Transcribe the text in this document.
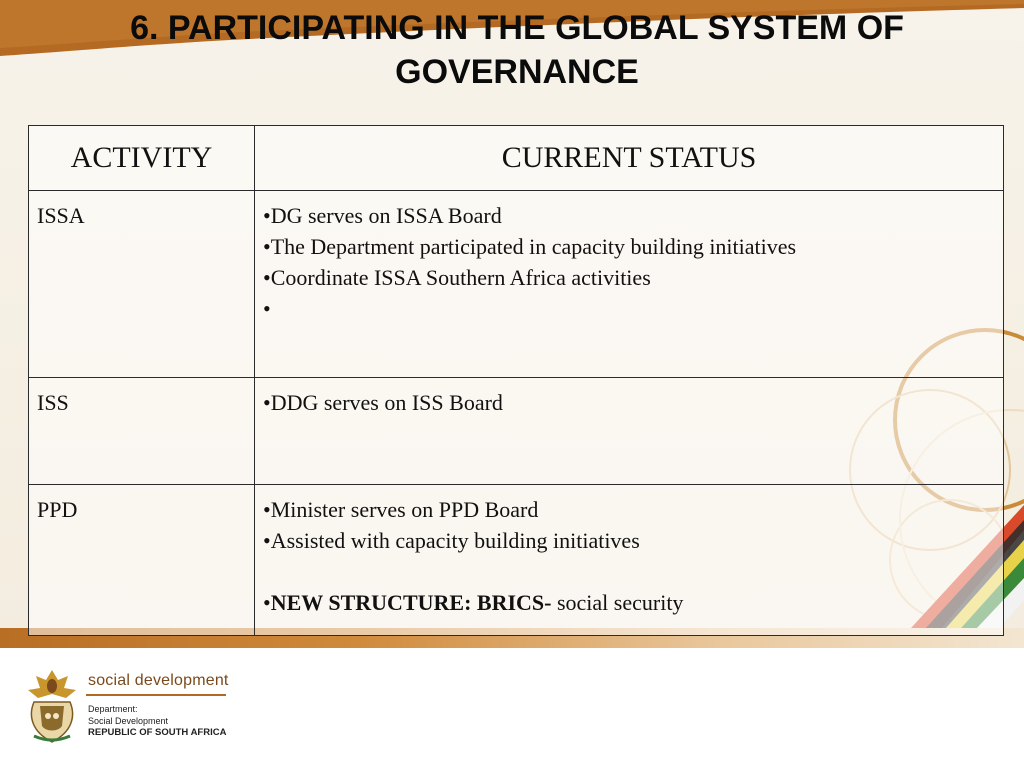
6. PARTICIPATING IN THE GLOBAL SYSTEM OF GOVERNANCE
ACTIVITY	CURRENT STATUS
ISSA	•DG serves on ISSA Board
•The Department participated in capacity building initiatives
•Coordinate ISSA Southern Africa activities
•

ISS	•DDG serves on ISS Board

PPD	•Minister serves on PPD Board
•Assisted with capacity building initiatives
•NEW STRUCTURE: BRICS- social security
social development
Department:
Social Development
REPUBLIC OF SOUTH AFRICA
